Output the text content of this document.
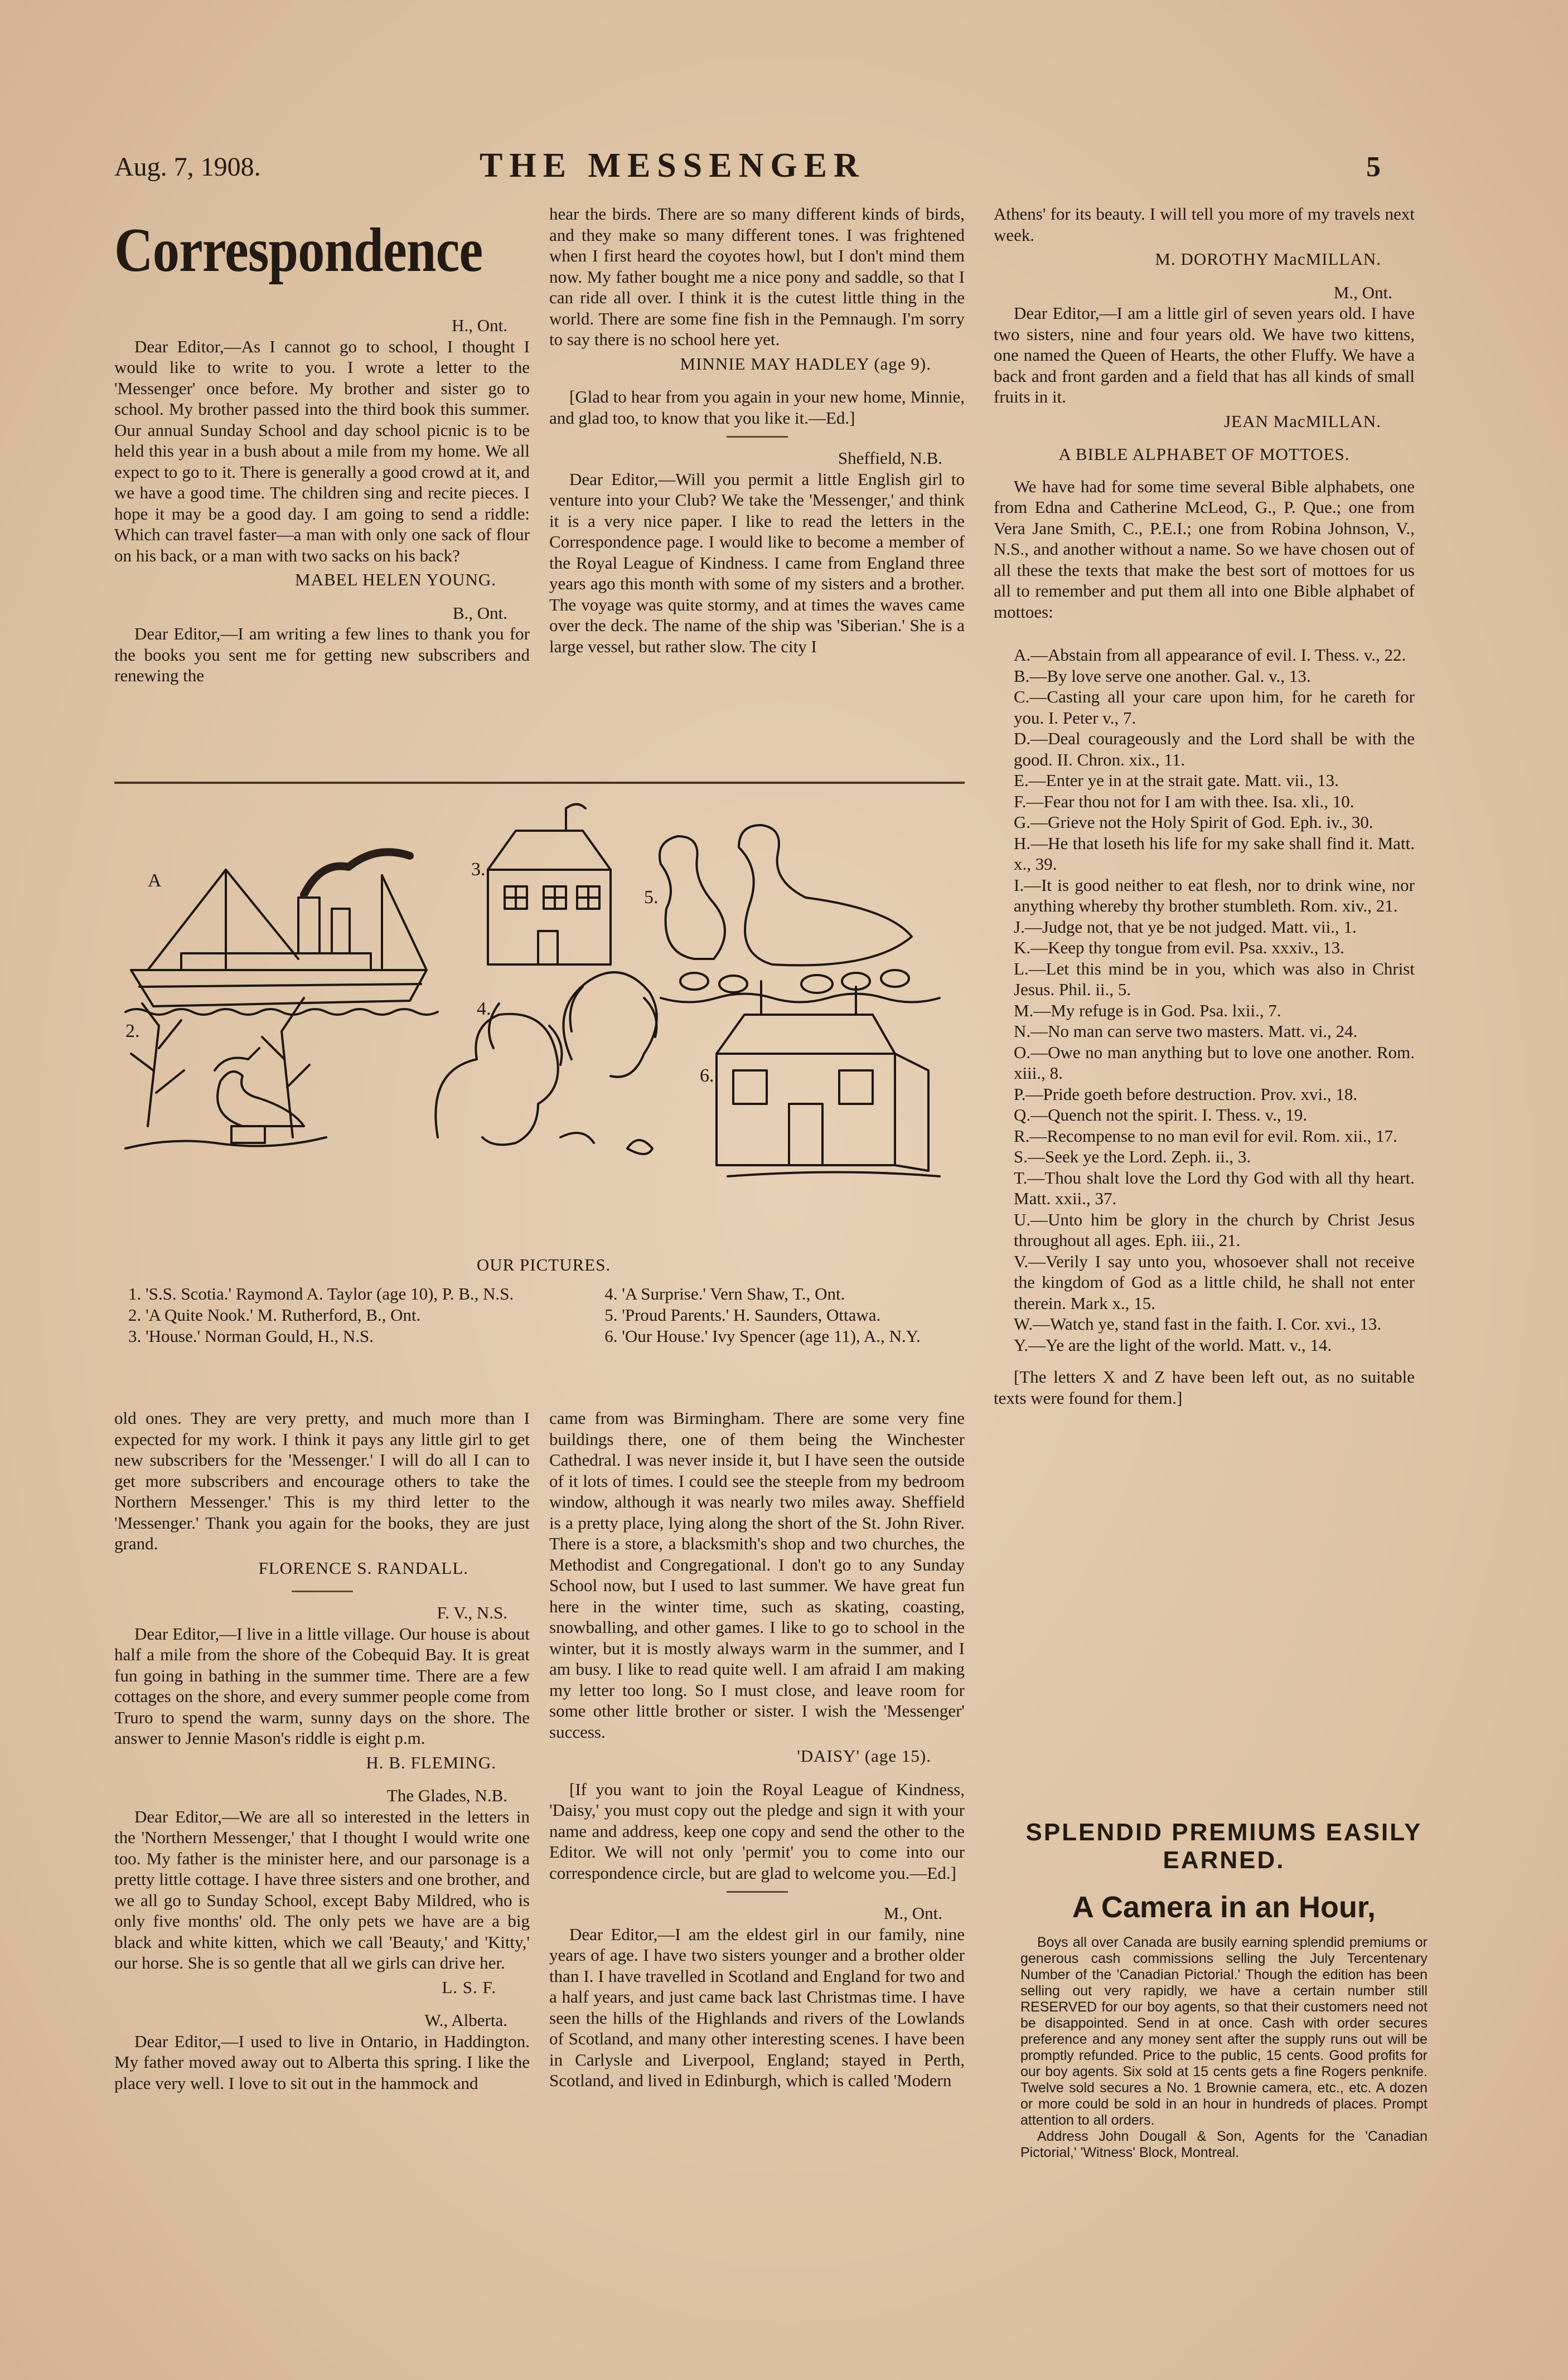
Aug. 7, 1908.	THE MESSENGER	5
Correspondence

H., Ont.

Dear Editor,—As I cannot go to school, I thought I would like to write to you. I wrote a letter to the 'Messenger' once before. My brother and sister go to school. My brother passed into the third book this summer. Our annual Sunday School and day school picnic is to be held this year in a bush about a mile from my home. We all expect to go to it. There is generally a good crowd at it, and we have a good time. The children sing and recite pieces. I hope it may be a good day. I am going to send a riddle: Which can travel faster—a man with only one sack of flour on his back, or a man with two sacks on his back?

MABEL HELEN YOUNG.

B., Ont.

Dear Editor,—I am writing a few lines to thank you for the books you sent me for getting new subscribers and renewing the

hear the birds. There are so many different kinds of birds, and they make so many different tones. I was frightened when I first heard the coyotes howl, but I don't mind them now. My father bought me a nice pony and saddle, so that I can ride all over. I think it is the cutest little thing in the world. There are some fine fish in the Pemnaugh. I'm sorry to say there is no school here yet.

MINNIE MAY HADLEY (age 9).

[Glad to hear from you again in your new home, Minnie, and glad too, to know that you like it.—Ed.]

Sheffield, N.B.

Dear Editor,—Will you permit a little English girl to venture into your Club? We take the 'Messenger,' and think it is a very nice paper. I like to read the letters in the Correspondence page. I would like to become a member of the Royal League of Kindness. I came from England three years ago this month with some of my sisters and a brother. The voyage was quite stormy, and at times the waves came over the deck. The name of the ship was 'Siberian.' She is a large vessel, but rather slow. The city I

Athens' for its beauty. I will tell you more of my travels next week.

M. DOROTHY MacMILLAN.

M., Ont.

Dear Editor,—I am a little girl of seven years old. I have two sisters, nine and four years old. We have two kittens, one named the Queen of Hearts, the other Fluffy. We have a back and front garden and a field that has all kinds of small fruits in it.

JEAN MacMILLAN.

A BIBLE ALPHABET OF MOTTOES.

We have had for some time several Bible alphabets, one from Edna and Catherine McLeod, G., P. Que.; one from Vera Jane Smith, C., P.E.I.; one from Robina Johnson, V., N.S., and another without a name. So we have chosen out of all these the texts that make the best sort of mottoes for us all to remember and put them all into one Bible alphabet of mottoes:

A.—Abstain from all appearance of evil. I. Thess. v., 22.

B.—By love serve one another. Gal. v., 13.

C.—Casting all your care upon him, for he careth for you. I. Peter v., 7.

D.—Deal courageously and the Lord shall be with the good. II. Chron. xix., 11.

E.—Enter ye in at the strait gate. Matt. vii., 13.

F.—Fear thou not for I am with thee. Isa. xli., 10.

G.—Grieve not the Holy Spirit of God. Eph. iv., 30.

H.—He that loseth his life for my sake shall find it. Matt. x., 39.

I.—It is good neither to eat flesh, nor to drink wine, nor anything whereby thy brother stumbleth. Rom. xiv., 21.

J.—Judge not, that ye be not judged. Matt. vii., 1.

K.—Keep thy tongue from evil. Psa. xxxiv., 13.

L.—Let this mind be in you, which was also in Christ Jesus. Phil. ii., 5.

M.—My refuge is in God. Psa. lxii., 7.

N.—No man can serve two masters. Matt. vi., 24.

O.—Owe no man anything but to love one another. Rom. xiii., 8.

P.—Pride goeth before destruction. Prov. xvi., 18.

Q.—Quench not the spirit. I. Thess. v., 19.

R.—Recompense to no man evil for evil. Rom. xii., 17.

S.—Seek ye the Lord. Zeph. ii., 3.

T.—Thou shalt love the Lord thy God with all thy heart. Matt. xxii., 37.

U.—Unto him be glory in the church by Christ Jesus throughout all ages. Eph. iii., 21.

V.—Verily I say unto you, whosoever shall not receive the kingdom of God as a little child, he shall not enter therein. Mark x., 15.

W.—Watch ye, stand fast in the faith. I. Cor. xvi., 13.

Y.—Ye are the light of the world. Matt. v., 14.

[The letters X and Z have been left out, as no suitable texts were found for them.]

A
2.
3.
4.
5.
6.
OUR PICTURES.
1. 'S.S. Scotia.' Raymond A. Taylor (age 10), P. B., N.S.
2. 'A Quite Nook.' M. Rutherford, B., Ont.
3. 'House.' Norman Gould, H., N.S.
4. 'A Surprise.' Vern Shaw, T., Ont.
5. 'Proud Parents.' H. Saunders, Ottawa.
6. 'Our House.' Ivy Spencer (age 11), A., N.Y.

old ones. They are very pretty, and much more than I expected for my work. I think it pays any little girl to get new subscribers for the 'Messenger.' I will do all I can to get more subscribers and encourage others to take the Northern Messenger.' This is my third letter to the 'Messenger.' Thank you again for the books, they are just grand.

FLORENCE S. RANDALL.

F. V., N.S.

Dear Editor,—I live in a little village. Our house is about half a mile from the shore of the Cobequid Bay. It is great fun going in bathing in the summer time. There are a few cottages on the shore, and every summer people come from Truro to spend the warm, sunny days on the shore. The answer to Jennie Mason's riddle is eight p.m.

H. B. FLEMING.

The Glades, N.B.

Dear Editor,—We are all so interested in the letters in the 'Northern Messenger,' that I thought I would write one too. My father is the minister here, and our parsonage is a pretty little cottage. I have three sisters and one brother, and we all go to Sunday School, except Baby Mildred, who is only five months' old. The only pets we have are a big black and white kitten, which we call 'Beauty,' and 'Kitty,' our horse. She is so gentle that all we girls can drive her.

L. S. F.

W., Alberta.

Dear Editor,—I used to live in Ontario, in Haddington. My father moved away out to Alberta this spring. I like the place very well. I love to sit out in the hammock and

came from was Birmingham. There are some very fine buildings there, one of them being the Winchester Cathedral. I was never inside it, but I have seen the outside of it lots of times. I could see the steeple from my bedroom window, although it was nearly two miles away. Sheffield is a pretty place, lying along the short of the St. John River. There is a store, a blacksmith's shop and two churches, the Methodist and Congregational. I don't go to any Sunday School now, but I used to last summer. We have great fun here in the winter time, such as skating, coasting, snowballing, and other games. I like to go to school in the winter, but it is mostly always warm in the summer, and I am busy. I like to read quite well. I am afraid I am making my letter too long. So I must close, and leave room for some other little brother or sister. I wish the 'Messenger' success.

'DAISY' (age 15).

[If you want to join the Royal League of Kindness, 'Daisy,' you must copy out the pledge and sign it with your name and address, keep one copy and send the other to the Editor. We will not only 'permit' you to come into our correspondence circle, but are glad to welcome you.—Ed.]

M., Ont.

Dear Editor,—I am the eldest girl in our family, nine years of age. I have two sisters younger and a brother older than I. I have travelled in Scotland and England for two and a half years, and just came back last Christmas time. I have seen the hills of the Highlands and rivers of the Lowlands of Scotland, and many other interesting scenes. I have been in Carlysle and Liverpool, England; stayed in Perth, Scotland, and lived in Edinburgh, which is called 'Modern

SPLENDID PREMIUMS EASILY EARNED.
A Camera in an Hour,

Boys all over Canada are busily earning splendid premiums or generous cash commissions selling the July Tercentenary Number of the 'Canadian Pictorial.' Though the edition has been selling out very rapidly, we have a certain number still RESERVED for our boy agents, so that their customers need not be disappointed. Send in at once. Cash with order secures preference and any money sent after the supply runs out will be promptly refunded. Price to the public, 15 cents. Good profits for our boy agents. Six sold at 15 cents gets a fine Rogers penknife. Twelve sold secures a No. 1 Brownie camera, etc., etc. A dozen or more could be sold in an hour in hundreds of places. Prompt attention to all orders.

Address John Dougall & Son, Agents for the 'Canadian Pictorial,' 'Witness' Block, Montreal.
